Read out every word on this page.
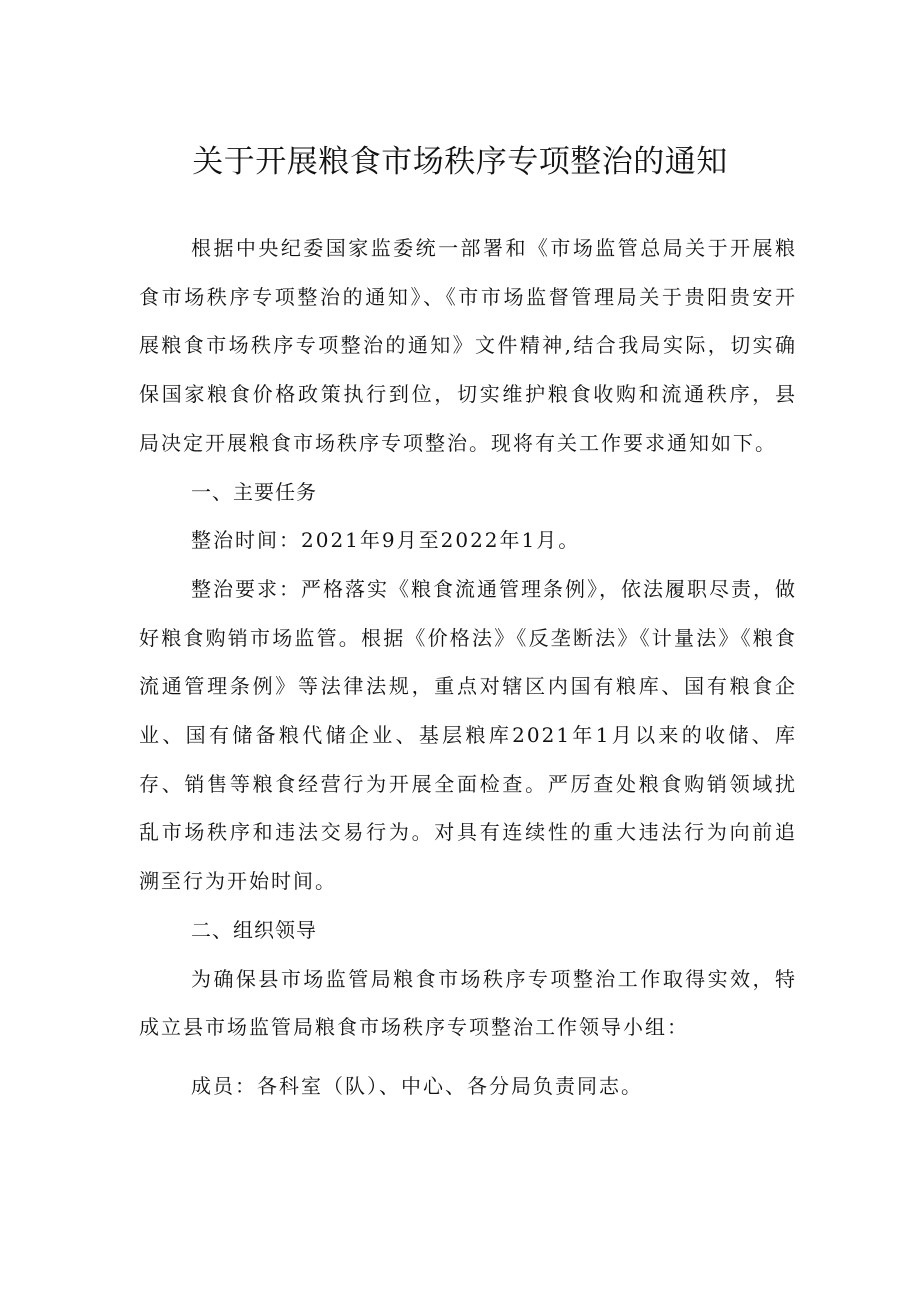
关于开展粮食市场秩序专项整治的通知

根据中央纪委国家监委统一部署和《市场监管总局关于开展粮食市场秩序专项整治的通知》、《市市场监督管理局关于贵阳贵安开展粮食市场秩序专项整治的通知》文件精神,结合我局实际，切实确保国家粮食价格政策执行到位，切实维护粮食收购和流通秩序，县局决定开展粮食市场秩序专项整治。现将有关工作要求通知如下。

一、主要任务

整治时间：2021年9月至2022年1月。

整治要求：严格落实《粮食流通管理条例》，依法履职尽责，做好粮食购销市场监管。根据《价格法》《反垄断法》《计量法》《粮食流通管理条例》等法律法规，重点对辖区内国有粮库、国有粮食企业、国有储备粮代储企业、基层粮库2021年1月以来的收储、库存、销售等粮食经营行为开展全面检查。严厉查处粮食购销领域扰乱市场秩序和违法交易行为。对具有连续性的重大违法行为向前追溯至行为开始时间。

二、组织领导

为确保县市场监管局粮食市场秩序专项整治工作取得实效，特成立县市场监管局粮食市场秩序专项整治工作领导小组：

成员：各科室（队）、中心、各分局负责同志。
